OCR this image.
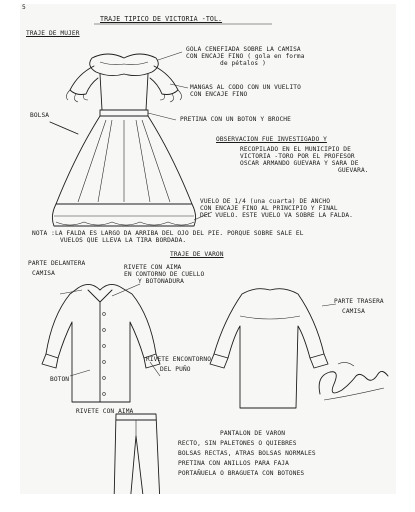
5
TRAJE TIPICO DE VICTORIA -TOL.
TRAJE DE MUJER
GOLA CENEFIADA SOBRE LA CAMISA
CON ENCAJE FINO ( gola en forma
de pétalos )
MANGAS AL CODO CON UN VUELITO
CON ENCAJE FINO
BOLSA
PRETINA CON UN BOTON Y BROCHE
OBSERVACION FUE INVESTIGADO Y
RECOPILADO EN EL MUNICIPIO DE
VICTORIA -TORO POR EL PROFESOR
OSCAR ARMANDO GUEVARA Y SARA DE
GUEVARA.
VUELO DE 1/4 (una cuarta) DE ANCHO
CON ENCAJE FINO AL PRINCIPIO Y FINAL
DEL VUELO. ESTE VUELO VA SOBRE LA FALDA.
NOTA :LA FALDA ES LARGO DA ARRIBA DEL OJO DEL PIE. PORQUE SOBRE SALE EL
VUELOS QUE LLEVA LA TIRA BORDADA.
TRAJE DE VARON
PARTE DELANTERA
CAMISA
RIVETE CON AIMA
EN CONTORNO DE CUELLO
Y BOTONADURA
PARTE TRASERA
CAMISA
BOTON
RIVETE ENCONTORNO
DEL PUÑO
RIVETE CON AIMA
PANTALON DE VARON
RECTO, SIN PALETONES O QUIEBRES
BOLSAS RECTAS, ATRAS BOLSAS NORMALES
PRETINA CON ANILLOS PARA FAJA
PORTAÑUELA O BRAGUETA CON BOTONES
